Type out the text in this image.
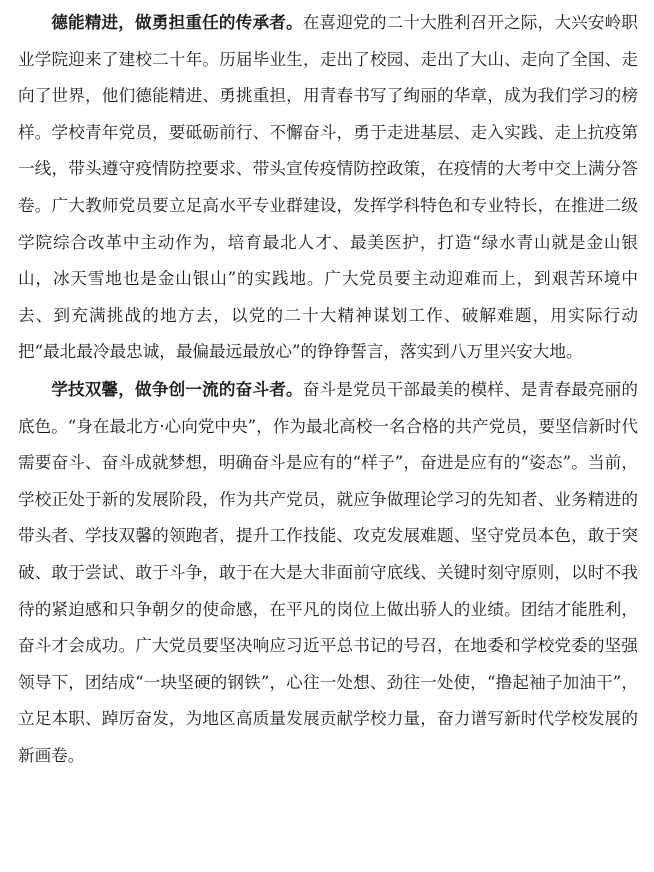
德能精进，做勇担重任的传承者。在喜迎党的二十大胜利召开之际，大兴安岭职业学院迎来了建校二十年。历届毕业生，走出了校园、走出了大山、走向了全国、走向了世界，他们德能精进、勇挑重担，用青春书写了绚丽的华章，成为我们学习的榜样。学校青年党员，要砥砺前行、不懈奋斗，勇于走进基层、走入实践、走上抗疫第一线，带头遵守疫情防控要求、带头宣传疫情防控政策，在疫情的大考中交上满分答卷。广大教师党员要立足高水平专业群建设，发挥学科特色和专业特长，在推进二级学院综合改革中主动作为，培育最北人才、最美医护，打造“绿水青山就是金山银山，冰天雪地也是金山银山”的实践地。广大党员要主动迎难而上，到艰苦环境中去、到充满挑战的地方去，以党的二十大精神谋划工作、破解难题，用实际行动把“最北最冷最忠诚，最偏最远最放心”的铮铮誓言，落实到八万里兴安大地。

学技双馨，做争创一流的奋斗者。奋斗是党员干部最美的模样、是青春最亮丽的底色。“身在最北方·心向党中央”，作为最北高校一名合格的共产党员，要坚信新时代需要奋斗、奋斗成就梦想，明确奋斗是应有的“样子”，奋进是应有的“姿态”。当前，学校正处于新的发展阶段，作为共产党员，就应争做理论学习的先知者、业务精进的带头者、学技双馨的领跑者，提升工作技能、攻克发展难题、坚守党员本色，敢于突破、敢于尝试、敢于斗争，敢于在大是大非面前守底线、关键时刻守原则，以时不我待的紧迫感和只争朝夕的使命感，在平凡的岗位上做出骄人的业绩。团结才能胜利，奋斗才会成功。广大党员要坚决响应习近平总书记的号召，在地委和学校党委的坚强领导下，团结成“一块坚硬的钢铁”，心往一处想、劲往一处使，“撸起袖子加油干”，立足本职、踔厉奋发，为地区高质量发展贡献学校力量，奋力谱写新时代学校发展的新画卷。
